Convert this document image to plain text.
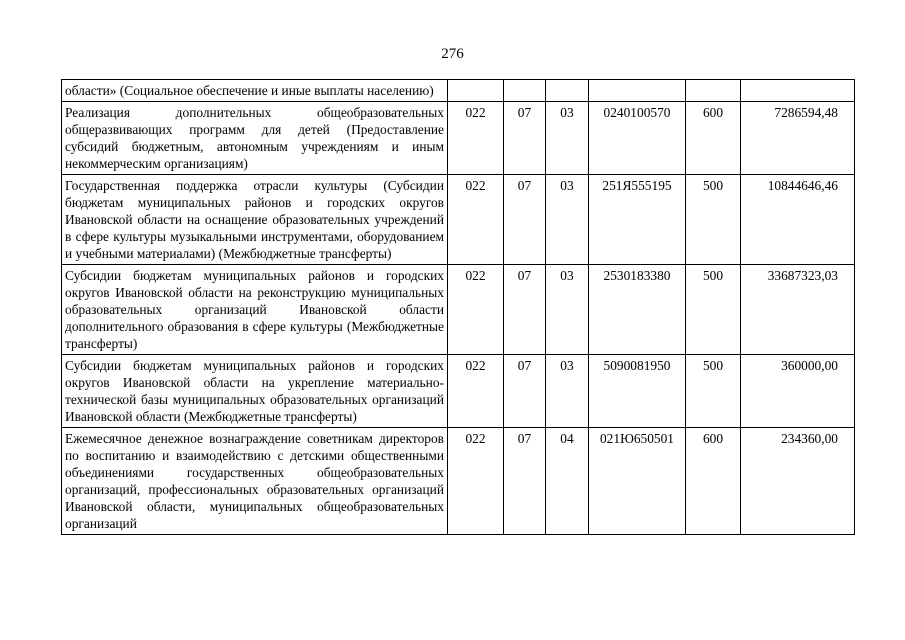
276
области» (Социальное обеспечение и иные выплаты населению)						
Реализация дополнительных общеобразовательных общеразвивающих программ для детей (Предоставление субсидий бюджетным, автономным учреждениям и иным некоммерческим организациям)	022	07	03	0240100570	600	7286594,48
Государственная поддержка отрасли культуры (Субсидии бюджетам муниципальных районов и городских округов Ивановской области на оснащение образовательных учреждений в сфере культуры музыкальными инструментами, оборудованием и учебными материалами) (Межбюджетные трансферты)	022	07	03	251Я555195	500	10844646,46
Субсидии бюджетам муниципальных районов и городских округов Ивановской области на реконструкцию муниципальных образовательных организаций Ивановской области дополнительного образования в сфере культуры (Межбюджетные трансферты)	022	07	03	2530183380	500	33687323,03
Субсидии бюджетам муниципальных районов и городских округов Ивановской области на укрепление материально-технической базы муниципальных образовательных организаций Ивановской области (Межбюджетные трансферты)	022	07	03	5090081950	500	360000,00
Ежемесячное денежное вознаграждение советникам директоров по воспитанию и взаимодействию с детскими общественными объединениями государственных общеобразовательных организаций, профессиональных образовательных организаций Ивановской области, муниципальных общеобразовательных организаций	022	07	04	021Ю650501	600	234360,00
